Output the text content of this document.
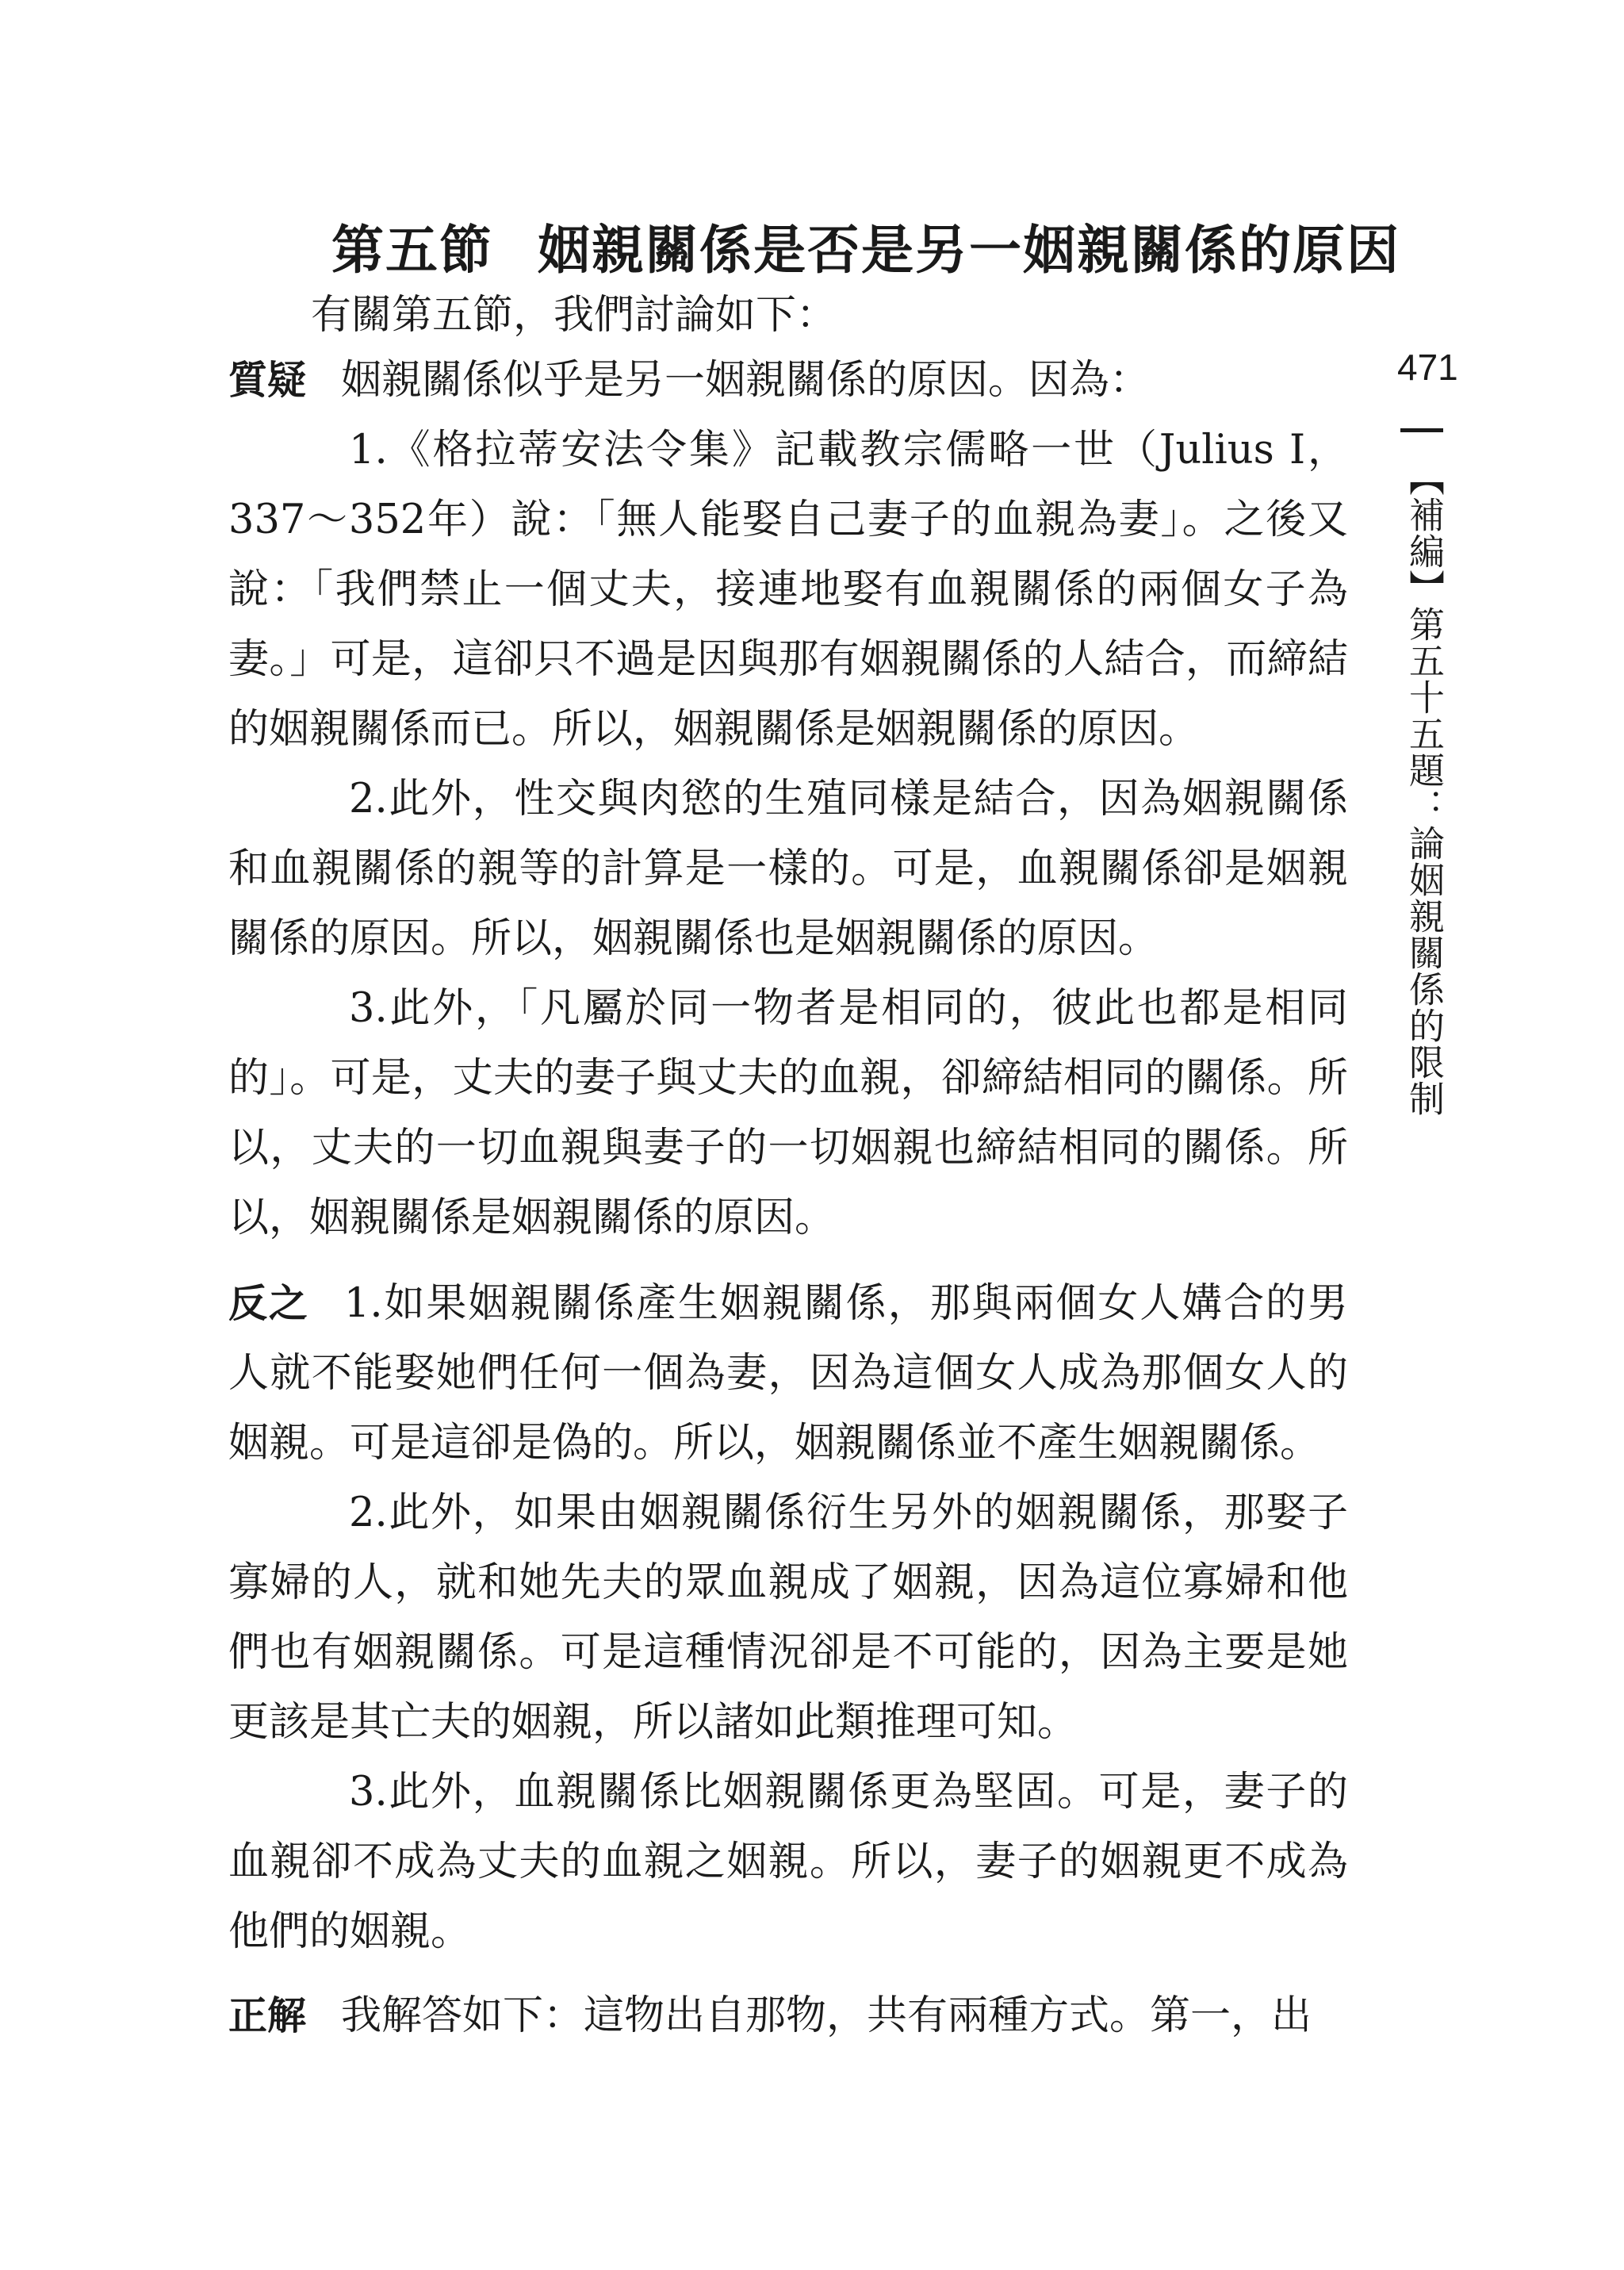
第五節 姻親關係是否是另一姻親關係的原因
有關第五節，我們討論如下：

質疑 姻親關係似乎是另一姻親關係的原因。因為：

1.《格拉蒂安法令集》記載教宗儒略一世（Julius I，337～352年）說：「無人能娶自己妻子的血親為妻」。之後又說：「我們禁止一個丈夫，接連地娶有血親關係的兩個女子為妻。」可是，這卻只不過是因與那有姻親關係的人結合，而締結的姻親關係而已。所以，姻親關係是姻親關係的原因。

2.此外，性交與肉慾的生殖同樣是結合，因為姻親關係和血親關係的親等的計算是一樣的。可是，血親關係卻是姻親關係的原因。所以，姻親關係也是姻親關係的原因。

3.此外，「凡屬於同一物者是相同的，彼此也都是相同的」。可是，丈夫的妻子與丈夫的血親，卻締結相同的關係。所以，丈夫的一切血親與妻子的一切姻親也締結相同的關係。所以，姻親關係是姻親關係的原因。

反之 1.如果姻親關係產生姻親關係，那與兩個女人媾合的男人就不能娶她們任何一個為妻，因為這個女人成為那個女人的姻親。可是這卻是偽的。所以，姻親關係並不產生姻親關係。

2.此外，如果由姻親關係衍生另外的姻親關係，那娶子寡婦的人，就和她先夫的眾血親成了姻親，因為這位寡婦和他們也有姻親關係。可是這種情況卻是不可能的，因為主要是她更該是其亡夫的姻親，所以諸如此類推理可知。

3.此外，血親關係比姻親關係更為堅固。可是，妻子的血親卻不成為丈夫的血親之姻親。所以，妻子的姻親更不成為他們的姻親。

正解 我解答如下：這物出自那物，共有兩種方式。第一，出

471
【補編】第五十五題：論姻親關係的限制
